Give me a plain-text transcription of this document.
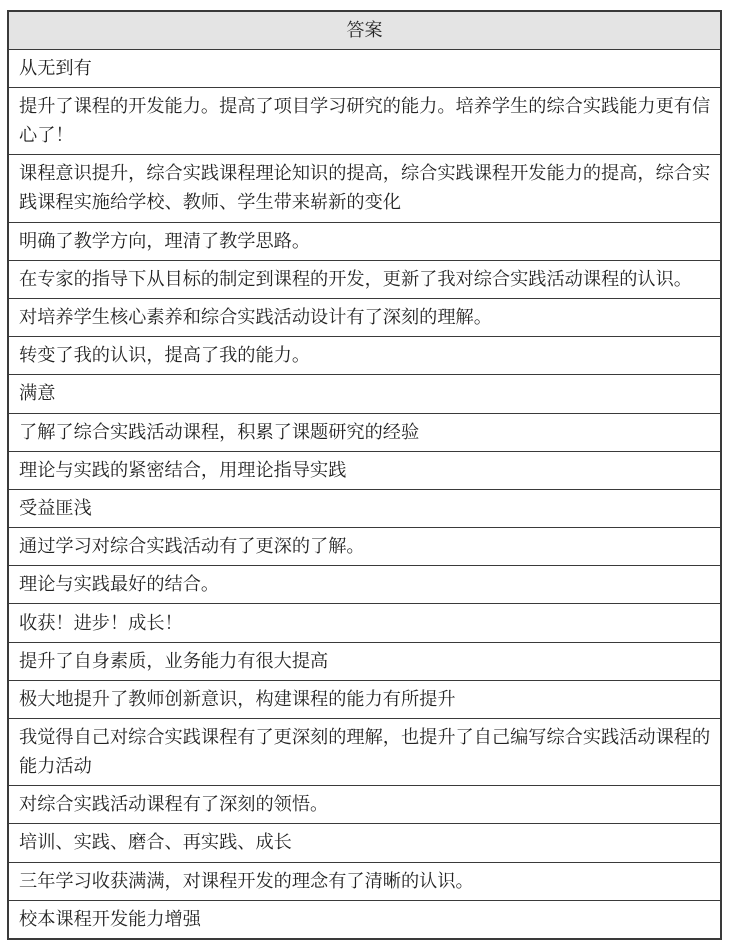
答案

从无到有

提升了课程的开发能力。提高了项目学习研究的能力。培养学生的综合实践能力更有信心了！

课程意识提升，综合实践课程理论知识的提高，综合实践课程开发能力的提高，综合实践课程实施给学校、教师、学生带来崭新的变化

明确了教学方向，理清了教学思路。

在专家的指导下从目标的制定到课程的开发，更新了我对综合实践活动课程的认识。

对培养学生核心素养和综合实践活动设计有了深刻的理解。

转变了我的认识，提高了我的能力。

满意

了解了综合实践活动课程，积累了课题研究的经验

理论与实践的紧密结合，用理论指导实践

受益匪浅

通过学习对综合实践活动有了更深的了解。

理论与实践最好的结合。

收获！进步！成长！

提升了自身素质，业务能力有很大提高

极大地提升了教师创新意识，构建课程的能力有所提升

我觉得自己对综合实践课程有了更深刻的理解，也提升了自己编写综合实践活动课程的能力活动

对综合实践活动课程有了深刻的领悟。

培训、实践、磨合、再实践、成长

三年学习收获满满，对课程开发的理念有了清晰的认识。

校本课程开发能力增强
